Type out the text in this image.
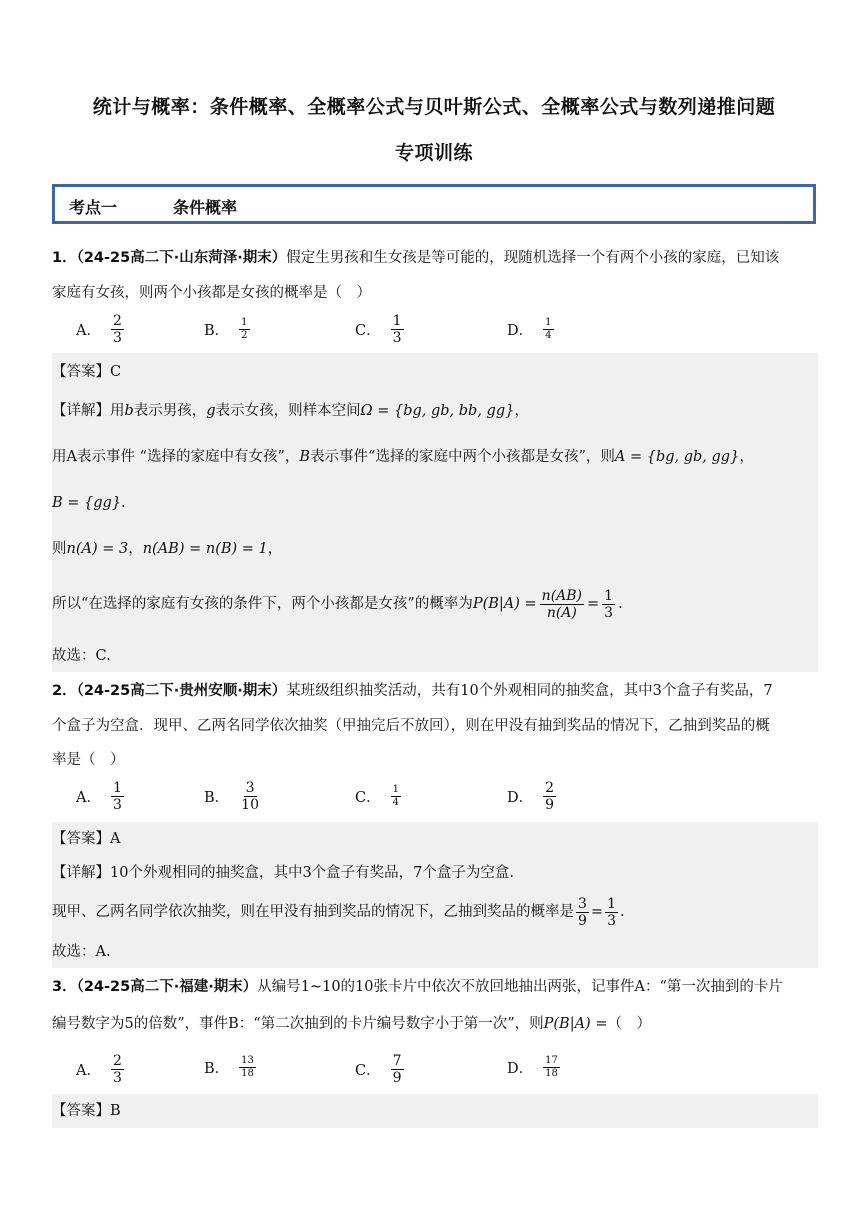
统计与概率：条件概率、全概率公式与贝叶斯公式、全概率公式与数列递推问题
专项训练
考点一	条件概率
1．（24-25高二下·山东菏泽·期末）假定生男孩和生女孩是等可能的，现随机选择一个有两个小孩的家庭，已知该
家庭有女孩，则两个小孩都是女孩的概率是（　）
A． $\frac{2}{3}$	B． $\frac{1}{2}$	C． $\frac{1}{3}$	D． $\frac{1}{4}$
【答案】C
【详解】用b表示男孩，g表示女孩，则样本空间Ω = {bg, gb, bb, gg}，
用A表示事件 “选择的家庭中有女孩”，B表示事件“选择的家庭中两个小孩都是女孩”，则A = {bg, gb, gg}，
B = {gg}.
则n(A) = 3，n(AB) = n(B) = 1，
所以“在选择的家庭有女孩的条件下，两个小孩都是女孩”的概率为 $P(B|A) = \frac{n(AB)}{n(A)} = \frac{1}{3}$ .
故选：C.
2．（24-25高二下·贵州安顺·期末）某班级组织抽奖活动，共有10个外观相同的抽奖盒，其中3个盒子有奖品，7
个盒子为空盒．现甲、乙两名同学依次抽奖（甲抽完后不放回），则在甲没有抽到奖品的情况下，乙抽到奖品的概
率是（　）
A． $\frac{1}{3}$	B． $\frac{3}{10}$	C． $\frac{1}{4}$	D． $\frac{2}{9}$
【答案】A
【详解】10个外观相同的抽奖盒，其中3个盒子有奖品，7个盒子为空盒.
现甲、乙两名同学依次抽奖，则在甲没有抽到奖品的情况下，乙抽到奖品的概率是 $\frac{3}{9} = \frac{1}{3}$ .
故选：A.
3．（24-25高二下·福建·期末）从编号1~10的10张卡片中依次不放回地抽出两张，记事件A：“第一次抽到的卡片
编号数字为5的倍数”，事件B：“第二次抽到的卡片编号数字小于第一次”，则P(B|A) =（　）
A． $\frac{2}{3}$	B． $\frac{13}{18}$	C． $\frac{7}{9}$	D． $\frac{17}{18}$
【答案】B
